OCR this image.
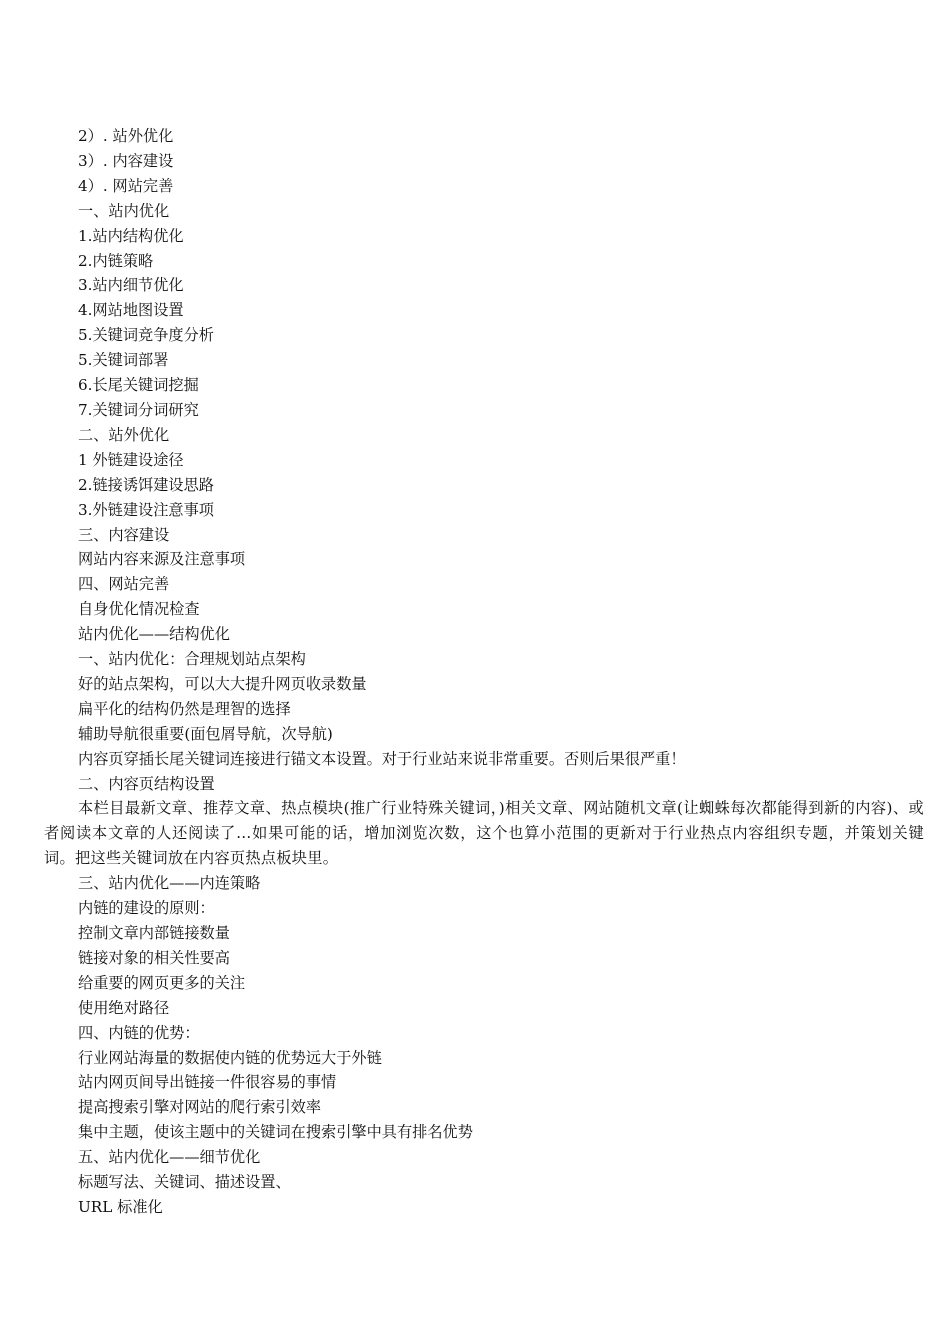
2）. 站外优化

3）. 内容建设

4）. 网站完善

一、站内优化

1.站内结构优化

2.内链策略

3.站内细节优化

4.网站地图设置

5.关键词竞争度分析

5.关键词部署

6.长尾关键词挖掘

7.关键词分词研究

二、站外优化

1 外链建设途径

2.链接诱饵建设思路

3.外链建设注意事项

三、内容建设

网站内容来源及注意事项

四、网站完善

自身优化情况检查

站内优化——结构优化

一、站内优化：合理规划站点架构

好的站点架构，可以大大提升网页收录数量

扁平化的结构仍然是理智的选择

辅助导航很重要(面包屑导航，次导航)

内容页穿插长尾关键词连接进行锚文本设置。对于行业站来说非常重要。否则后果很严重！

二、内容页结构设置

本栏目最新文章、推荐文章、热点模块(推广行业特殊关键词，)相关文章、网站随机文章(让蜘蛛每次都能得到新的内容)、或者阅读本文章的人还阅读了…如果可能的话，增加浏览次数，这个也算小范围的更新对于行业热点内容组织专题，并策划关键词。把这些关键词放在内容页热点板块里。

三、站内优化——内连策略

内链的建设的原则：

控制文章内部链接数量

链接对象的相关性要高

给重要的网页更多的关注

使用绝对路径

四、内链的优势：

行业网站海量的数据使内链的优势远大于外链

站内网页间导出链接一件很容易的事情

提高搜索引擎对网站的爬行索引效率

集中主题，使该主题中的关键词在搜索引擎中具有排名优势

五、站内优化——细节优化

标题写法、关键词、描述设置、

URL 标准化
